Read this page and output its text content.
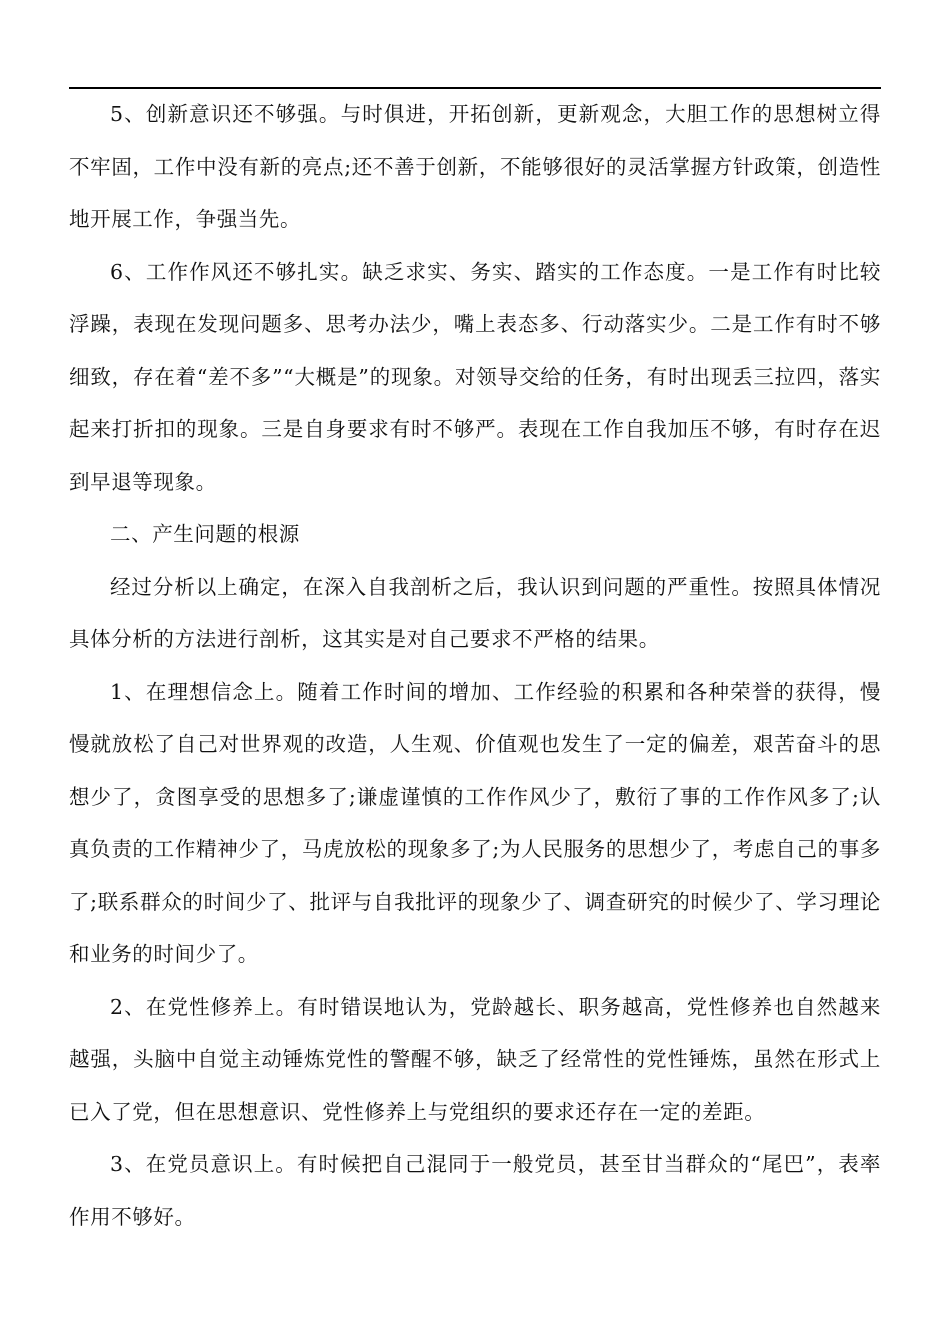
5、创新意识还不够强。与时俱进，开拓创新，更新观念，大胆工作的思想树立得不牢固，工作中没有新的亮点;还不善于创新，不能够很好的灵活掌握方针政策，创造性地开展工作，争强当先。

6、工作作风还不够扎实。缺乏求实、务实、踏实的工作态度。一是工作有时比较浮躁，表现在发现问题多、思考办法少，嘴上表态多、行动落实少。二是工作有时不够细致，存在着“差不多”“大概是”的现象。对领导交给的任务，有时出现丢三拉四，落实起来打折扣的现象。三是自身要求有时不够严。表现在工作自我加压不够，有时存在迟到早退等现象。

二、产生问题的根源

经过分析以上确定，在深入自我剖析之后，我认识到问题的严重性。按照具体情况具体分析的方法进行剖析，这其实是对自己要求不严格的结果。

1、在理想信念上。随着工作时间的增加、工作经验的积累和各种荣誉的获得，慢慢就放松了自己对世界观的改造，人生观、价值观也发生了一定的偏差，艰苦奋斗的思想少了，贪图享受的思想多了;谦虚谨慎的工作作风少了，敷衍了事的工作作风多了;认真负责的工作精神少了，马虎放松的现象多了;为人民服务的思想少了，考虑自己的事多了;联系群众的时间少了、批评与自我批评的现象少了、调查研究的时候少了、学习理论和业务的时间少了。

2、在党性修养上。有时错误地认为，党龄越长、职务越高，党性修养也自然越来越强，头脑中自觉主动锤炼党性的警醒不够，缺乏了经常性的党性锤炼，虽然在形式上已入了党，但在思想意识、党性修养上与党组织的要求还存在一定的差距。

3、在党员意识上。有时候把自己混同于一般党员，甚至甘当群众的“尾巴”，表率作用不够好。
